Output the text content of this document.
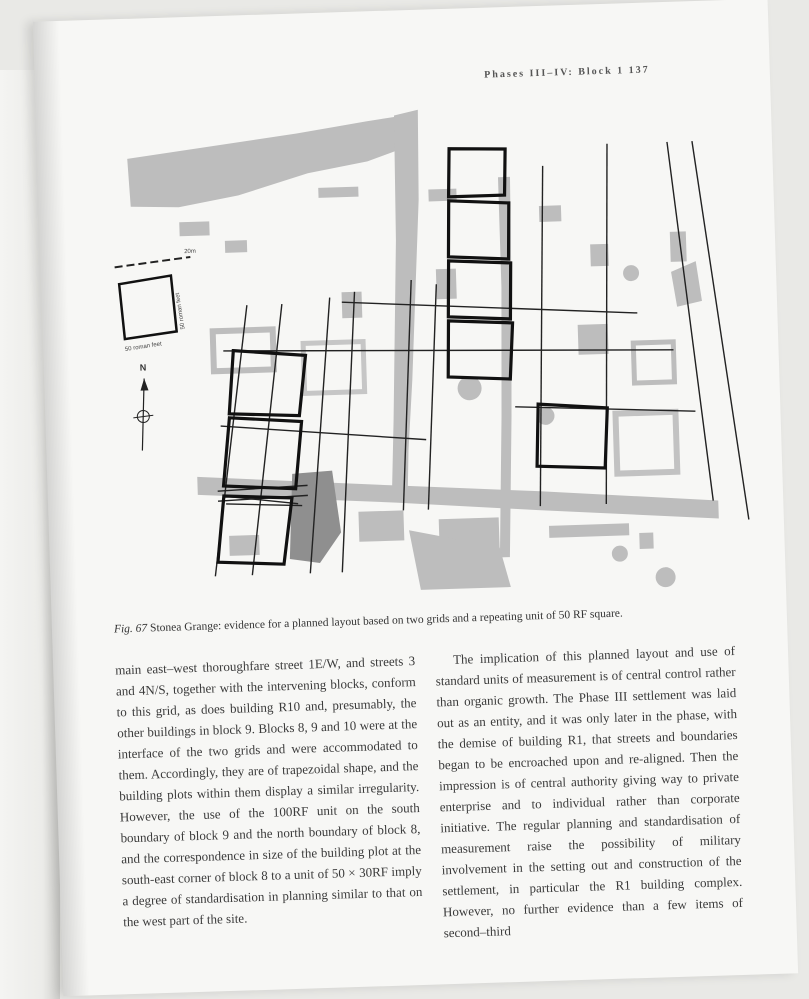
Phases III–IV: Block 1 137
20m
50 roman feet
50 roman feet
N
Fig. 67 Stonea Grange: evidence for a planned layout based on two grids and a repeating unit of 50 RF square.

main east–west thoroughfare street 1E/W, and streets 3 and 4N/S, together with the intervening blocks, conform to this grid, as does building R10 and, presumably, the other buildings in block 9. Blocks 8, 9 and 10 were at the interface of the two grids and were accommodated to them. Accordingly, they are of trapezoidal shape, and the building plots within them display a similar irregularity. However, the use of the 100RF unit on the south boundary of block 9 and the north boundary of block 8, and the correspondence in size of the building plot at the south-east corner of block 8 to a unit of 50 × 30RF imply a degree of standardisation in planning similar to that on the west part of the site.

The implication of this planned layout and use of standard units of measurement is of central control rather than organic growth. The Phase III settlement was laid out as an entity, and it was only later in the phase, with the demise of building R1, that streets and boundaries began to be encroached upon and re-aligned. Then the impression is of central authority giving way to private enterprise and to individual rather than corporate initiative. The regular planning and standardisation of measurement raise the possibility of military involvement in the setting out and construction of the settlement, in particular the R1 building complex. However, no further evidence than a few items of second–third
